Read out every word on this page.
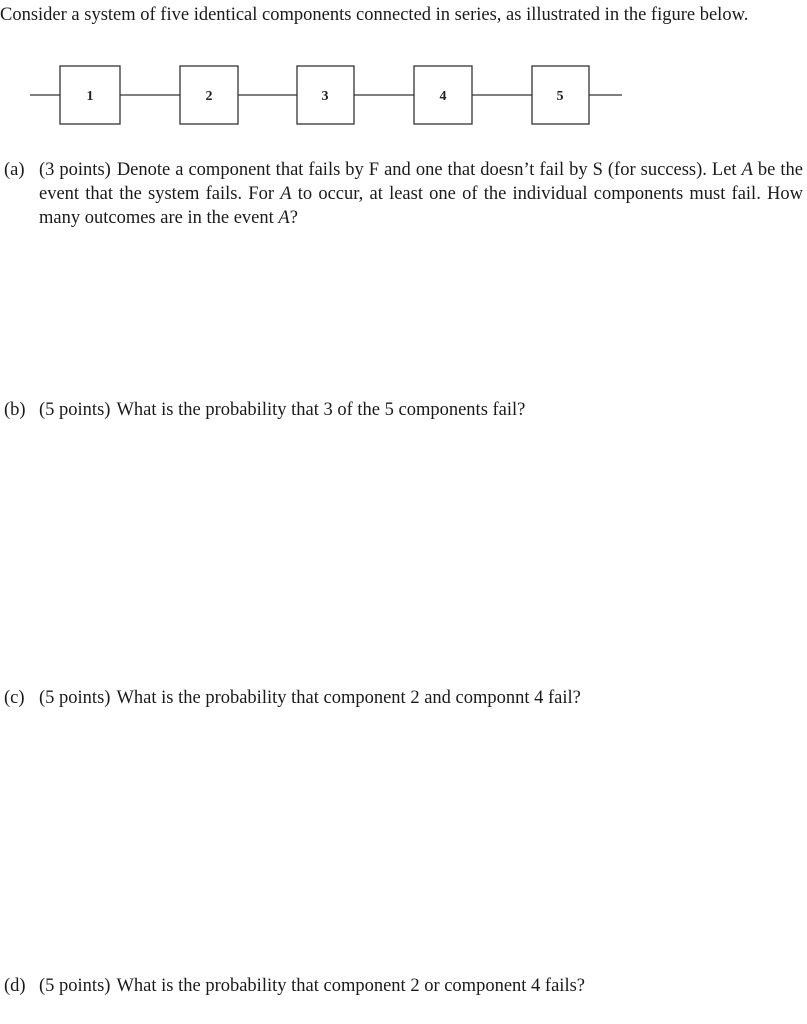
Consider a system of five identical components connected in series, as illustrated in the figure below.
1	2	3	4	5
(a) (3 points) Denote a component that fails by F and one that doesn’t fail by S (for success). Let A be the event that the system fails. For A to occur, at least one of the individual components must fail. How many outcomes are in the event A?
(b) (5 points) What is the probability that 3 of the 5 components fail?
(c) (5 points) What is the probability that component 2 and componnt 4 fail?
(d) (5 points) What is the probability that component 2 or component 4 fails?
